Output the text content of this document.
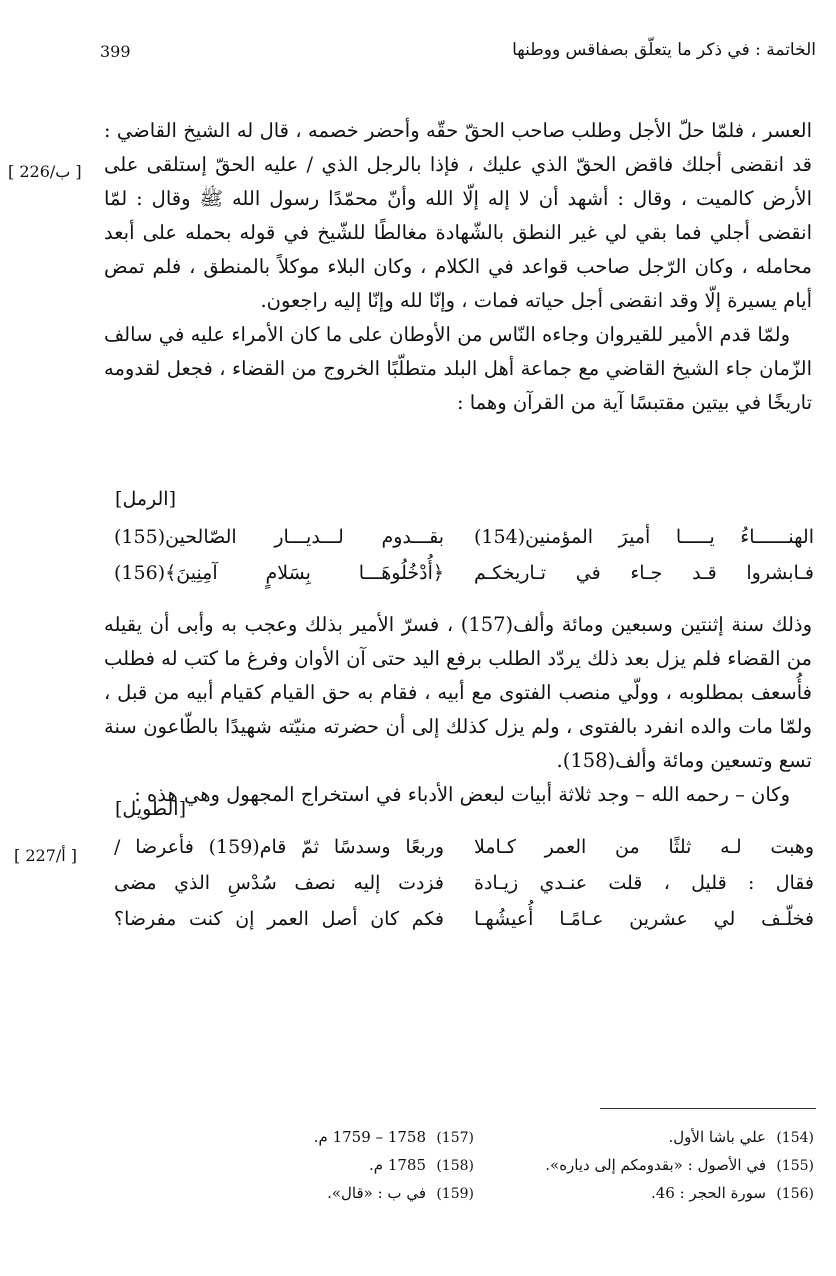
399	الخاتمة : في ذكر ما يتعلّق بصفاقس ووطنها
[ 226/ب ]
[ 227/أ ]

العسر ، فلمّا حلّ الأجل وطلب صاحب الحقّ حقّه وأحضر خصمه ، قال له الشيخ القاضي : قد انقضى أجلك فاقض الحقّ الذي عليك ، فإذا بالرجل الذي / عليه الحقّ إستلقى على الأرض كالميت ، وقال : أشهد أن لا إله إلّا الله وأنّ محمّدًا رسول الله ﷺ وقال : لمّا انقضى أجلي فما بقي لي غير النطق بالشّهادة مغالطًا للشّيخ في قوله بحمله على أبعد محامله ، وكان الرّجل صاحب قواعد في الكلام ، وكان البلاء موكلاً بالمنطق ، فلم تمض أيام يسيرة إلّا وقد انقضى أجل حياته فمات ، وإنّا لله وإنّا إليه راجعون.

ولمّا قدم الأمير للقيروان وجاءه النّاس من الأوطان على ما كان الأمراء عليه في سالف الزّمان جاء الشيخ القاضي مع جماعة أهل البلد متطلّبًا الخروج من القضاء ، فجعل لقدومه تاريخًا في بيتين مقتبسًا آية من القرآن وهما :

[الرمل]
الهنــــــاءُ يـــــا أميرَ المؤمنين(154)
بقـــدوم لـــديـــار الصّالحين(155)
فـابشروا قـد جـاء في تـاريخكـم
﴿أُدْخُلُوهَـــا بِسَلامٍ آمِنِينَ﴾(156)

وذلك سنة إثنتين وسبعين ومائة وألف(157) ، فسرّ الأمير بذلك وعجب به وأبى أن يقيله من القضاء فلم يزل بعد ذلك يردّد الطلب برفع اليد حتى آن الأوان وفرغ ما كتب له فطلب فأُسعف بمطلوبه ، وولّي منصب الفتوى مع أبيه ، فقام به حق القيام كقيام أبيه من قبل ، ولمّا مات والده انفرد بالفتوى ، ولم يزل كذلك إلى أن حضرته منيّته شهيدًا بالطّاعون سنة تسع وتسعين ومائة وألف(158).

وكان – رحمه الله – وجد ثلاثة أبيات لبعض الأدباء في استخراج المجهول وهي هذه :

[الطويل]
وهبت لـه ثلثًا من العمر كـاملا
وربعًا وسدسًا ثمّ قام(159) فأعرضا /
فقال : قليل ، قلت عنـدي زيـادة
فزدت إليه نصف سُدْسِ الذي مضى
فخلّـف لي عشرين عـامًـا أُعيشُهـا
فكم كان أصل العمر إن كنت مفرضا؟
(154)علي باشا الأول.
(155)في الأصول : «بقدومكم إلى دياره».
(156)سورة الحجر : 46.
(157)1758 – 1759 م.
(158)1785 م.
(159)في ب : «قال».
